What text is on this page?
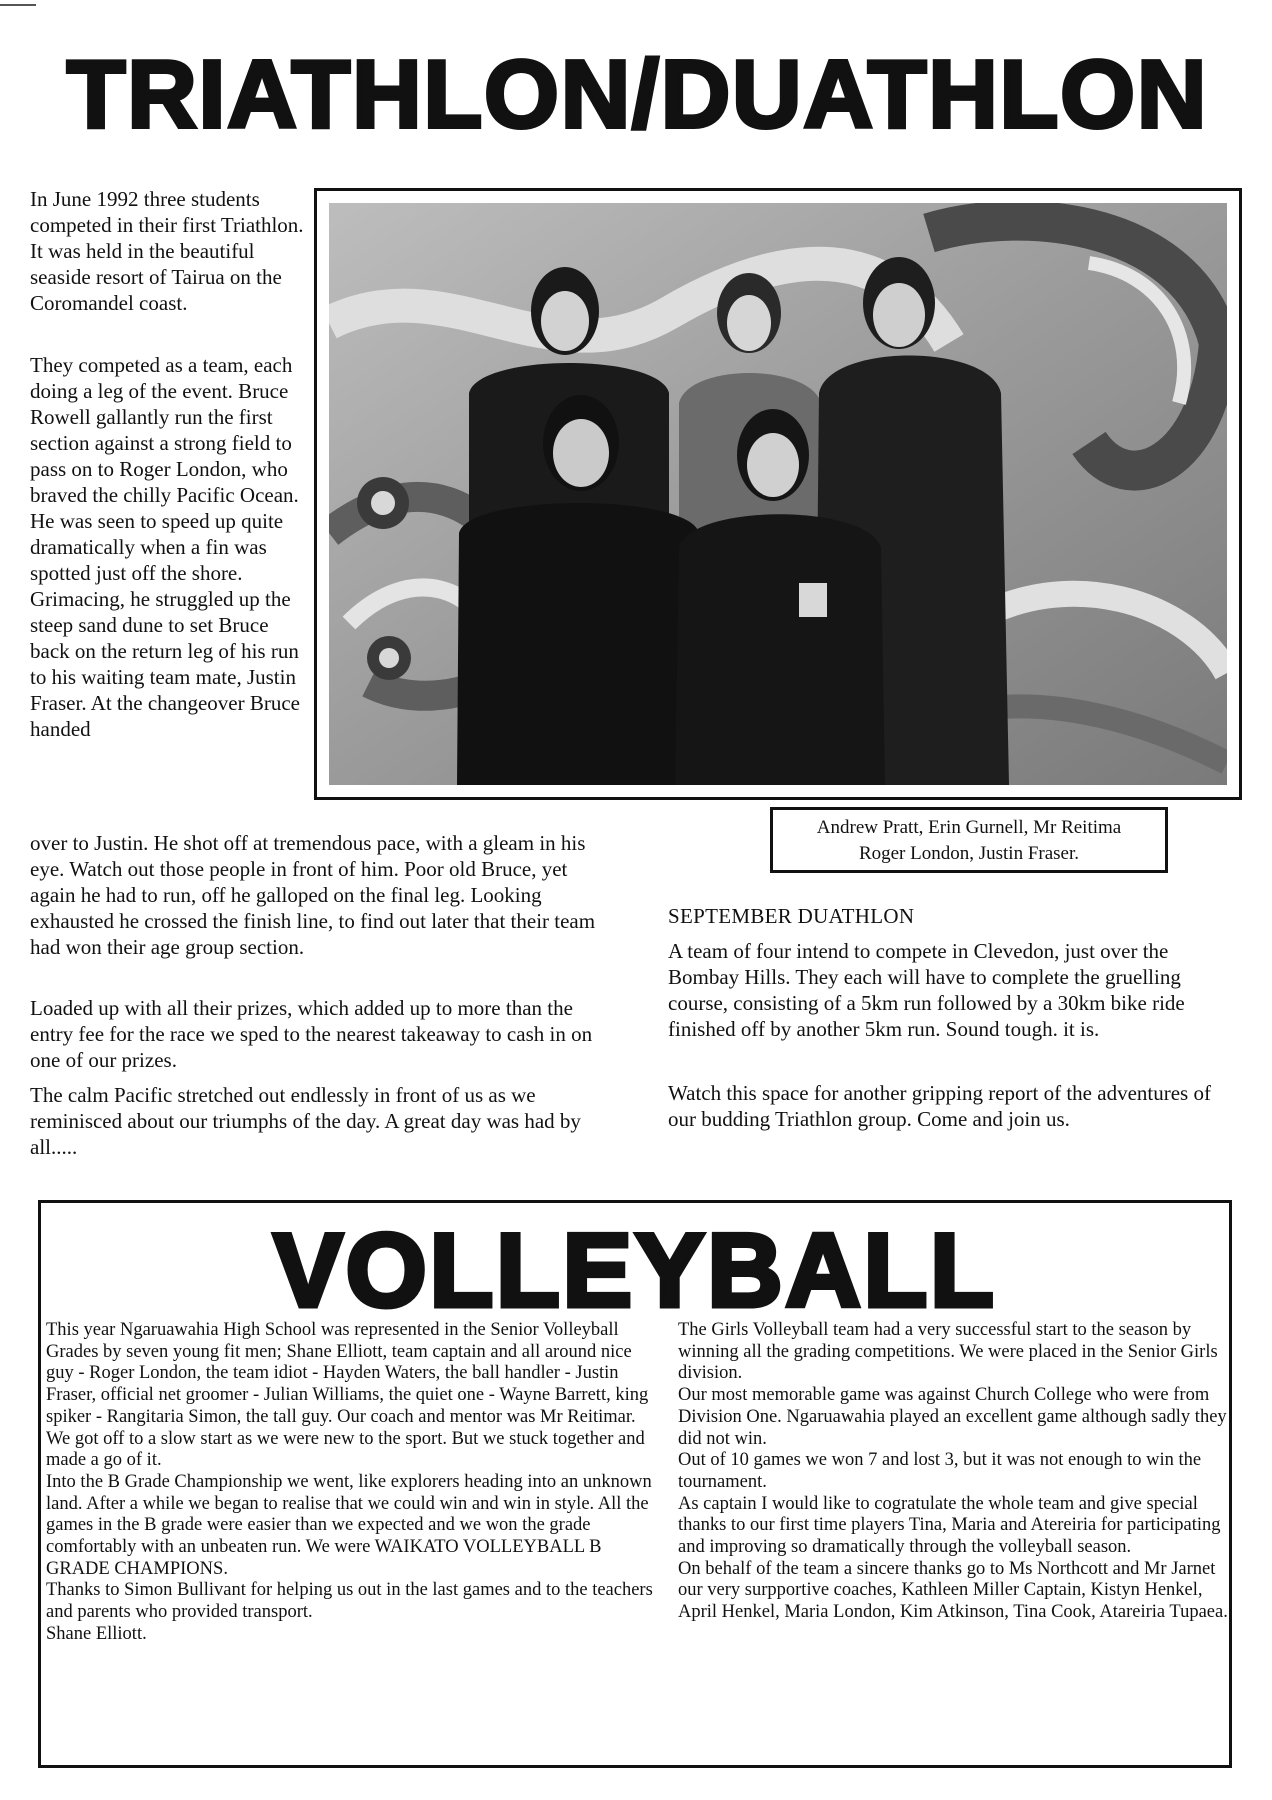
TRIATHLON/DUATHLON

In June 1992 three students competed in their first Triathlon. It was held in the beautiful seaside resort of Tairua on the Coromandel coast.

They competed as a team, each doing a leg of the event. Bruce Rowell gallantly run the first section against a strong field to pass on to Roger London, who braved the chilly Pacific Ocean. He was seen to speed up quite dramatically when a fin was spotted just off the shore. Grimacing, he struggled up the steep sand dune to set Bruce back on the return leg of his run to his waiting team mate, Justin Fraser. At the changeover Bruce handed

Andrew Pratt, Erin Gurnell, Mr Reitima
Roger London, Justin Fraser.

over to Justin. He shot off at tremendous pace, with a gleam in his eye. Watch out those people in front of him. Poor old Bruce, yet again he had to run, off he galloped on the final leg. Looking exhausted he crossed the finish line, to find out later that their team had won their age group section.

Loaded up with all their prizes, which added up to more than the entry fee for the race we sped to the nearest takeaway to cash in on one of our prizes.

The calm Pacific stretched out endlessly in front of us as we reminisced about our triumphs of the day. A great day was had by all.....

SEPTEMBER DUATHLON

A team of four intend to compete in Clevedon, just over the Bombay Hills. They each will have to complete the gruelling course, consisting of a 5km run followed by a 30km bike ride finished off by another 5km run. Sound tough. it is.

Watch this space for another gripping report of the adventures of our budding Triathlon group. Come and join us.

VOLLEYBALL

This year Ngaruawahia High School was represented in the Senior Volleyball Grades by seven young fit men; Shane Elliott, team captain and all around nice guy - Roger London, the team idiot - Hayden Waters, the ball handler - Justin Fraser, official net groomer - Julian Williams, the quiet one - Wayne Barrett, king spiker - Rangitaria Simon, the tall guy. Our coach and mentor was Mr Reitimar.

We got off to a slow start as we were new to the sport. But we stuck together and made a go of it.

Into the B Grade Championship we went, like explorers heading into an unknown land. After a while we began to realise that we could win and win in style. All the games in the B grade were easier than we expected and we won the grade comfortably with an unbeaten run. We were WAIKATO VOLLEYBALL B GRADE CHAMPIONS.

Thanks to Simon Bullivant for helping us out in the last games and to the teachers and parents who provided transport.

Shane Elliott.

The Girls Volleyball team had a very successful start to the season by winning all the grading competitions. We were placed in the Senior Girls division.

Our most memorable game was against Church College who were from Division One. Ngaruawahia played an excellent game although sadly they did not win.

Out of 10 games we won 7 and lost 3, but it was not enough to win the tournament.

As captain I would like to cogratulate the whole team and give special thanks to our first time players Tina, Maria and Atereiria for participating and improving so dramatically through the volleyball season.

On behalf of the team a sincere thanks go to Ms Northcott and Mr Jarnet our very surpportive coaches, Kathleen Miller Captain, Kistyn Henkel, April Henkel, Maria London, Kim Atkinson, Tina Cook, Atareiria Tupaea.
